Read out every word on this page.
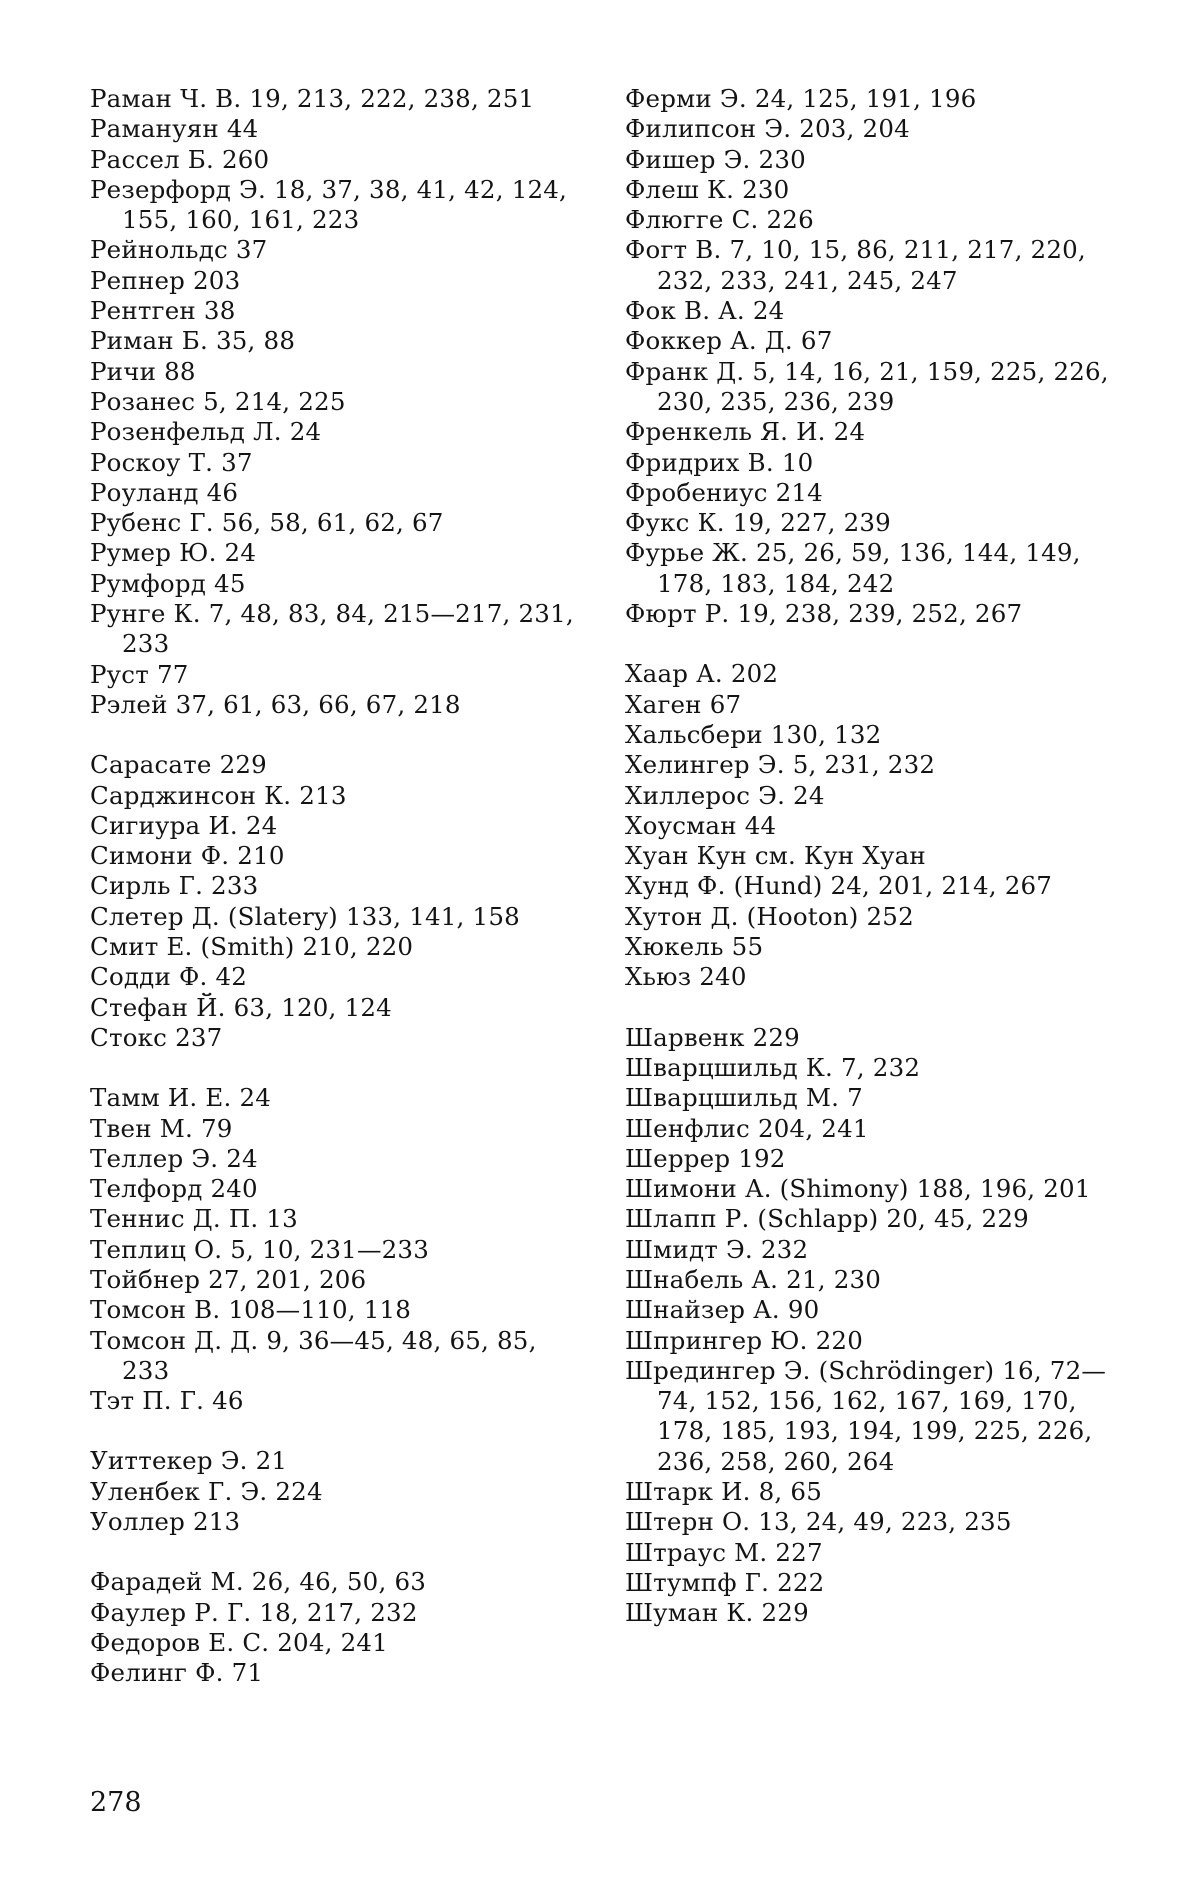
Раман Ч. В. 19, 213, 222, 238, 251
Рамануян 44
Рассел Б. 260
Резерфорд Э. 18, 37, 38, 41, 42, 124, 155, 160, 161, 223
Рейнольдс 37
Рeпнер 203
Рентген 38
Риман Б. 35, 88
Ричи 88
Розанес 5, 214, 225
Розенфельд Л. 24
Роскоу Т. 37
Роуланд 46
Рубенс Г. 56, 58, 61, 62, 67
Румер Ю. 24
Румфорд 45
Рунге К. 7, 48, 83, 84, 215—217, 231, 233
Руст 77
Рэлей 37, 61, 63, 66, 67, 218
Сарасате 229
Сарджинсон К. 213
Сигиура И. 24
Симони Ф. 210
Сирль Г. 233
Слетер Д. (Slatery) 133, 141, 158
Смит Е. (Smith) 210, 220
Содди Ф. 42
Стефан Й. 63, 120, 124
Стокс 237
Тамм И. Е. 24
Твен М. 79
Теллер Э. 24
Телфорд 240
Теннис Д. П. 13
Теплиц О. 5, 10, 231—233
Тойбнер 27, 201, 206
Томсон В. 108—110, 118
Томсон Д. Д. 9, 36—45, 48, 65, 85, 233
Тэт П. Г. 46
Уиттекер Э. 21
Уленбек Г. Э. 224
Уоллер 213
Фарадей М. 26, 46, 50, 63
Фаулер Р. Г. 18, 217, 232
Федоров Е. С. 204, 241
Фелинг Ф. 71
Ферми Э. 24, 125, 191, 196
Филипсон Э. 203, 204
Фишер Э. 230
Флеш К. 230
Флюгге С. 226
Фогт В. 7, 10, 15, 86, 211, 217, 220, 232, 233, 241, 245, 247
Фок В. А. 24
Фоккер А. Д. 67
Франк Д. 5, 14, 16, 21, 159, 225, 226, 230, 235, 236, 239
Френкель Я. И. 24
Фридрих В. 10
Фробениус 214
Фукс К. 19, 227, 239
Фурье Ж. 25, 26, 59, 136, 144, 149, 178, 183, 184, 242
Фюрт Р. 19, 238, 239, 252, 267
Хаар А. 202
Хаген 67
Хальсбери 130, 132
Хелингер Э. 5, 231, 232
Хиллерос Э. 24
Хоусман 44
Хуан Кун см. Кун Хуан
Хунд Ф. (Hund) 24, 201, 214, 267
Хутон Д. (Hooton) 252
Хюкель 55
Хьюз 240
Шарвенк 229
Шварцшильд К. 7, 232
Шварцшильд М. 7
Шенфлис 204, 241
Шеррер 192
Шимони А. (Shimony) 188, 196, 201
Шлапп Р. (Schlapp) 20, 45, 229
Шмидт Э. 232
Шнабель А. 21, 230
Шнайзер А. 90
Шпрингер Ю. 220
Шредингер Э. (Schrödinger) 16, 72—74, 152, 156, 162, 167, 169, 170, 178, 185, 193, 194, 199, 225, 226, 236, 258, 260, 264
Штарк И. 8, 65
Штерн О. 13, 24, 49, 223, 235
Штраус М. 227
Штумпф Г. 222
Шуман К. 229
278
